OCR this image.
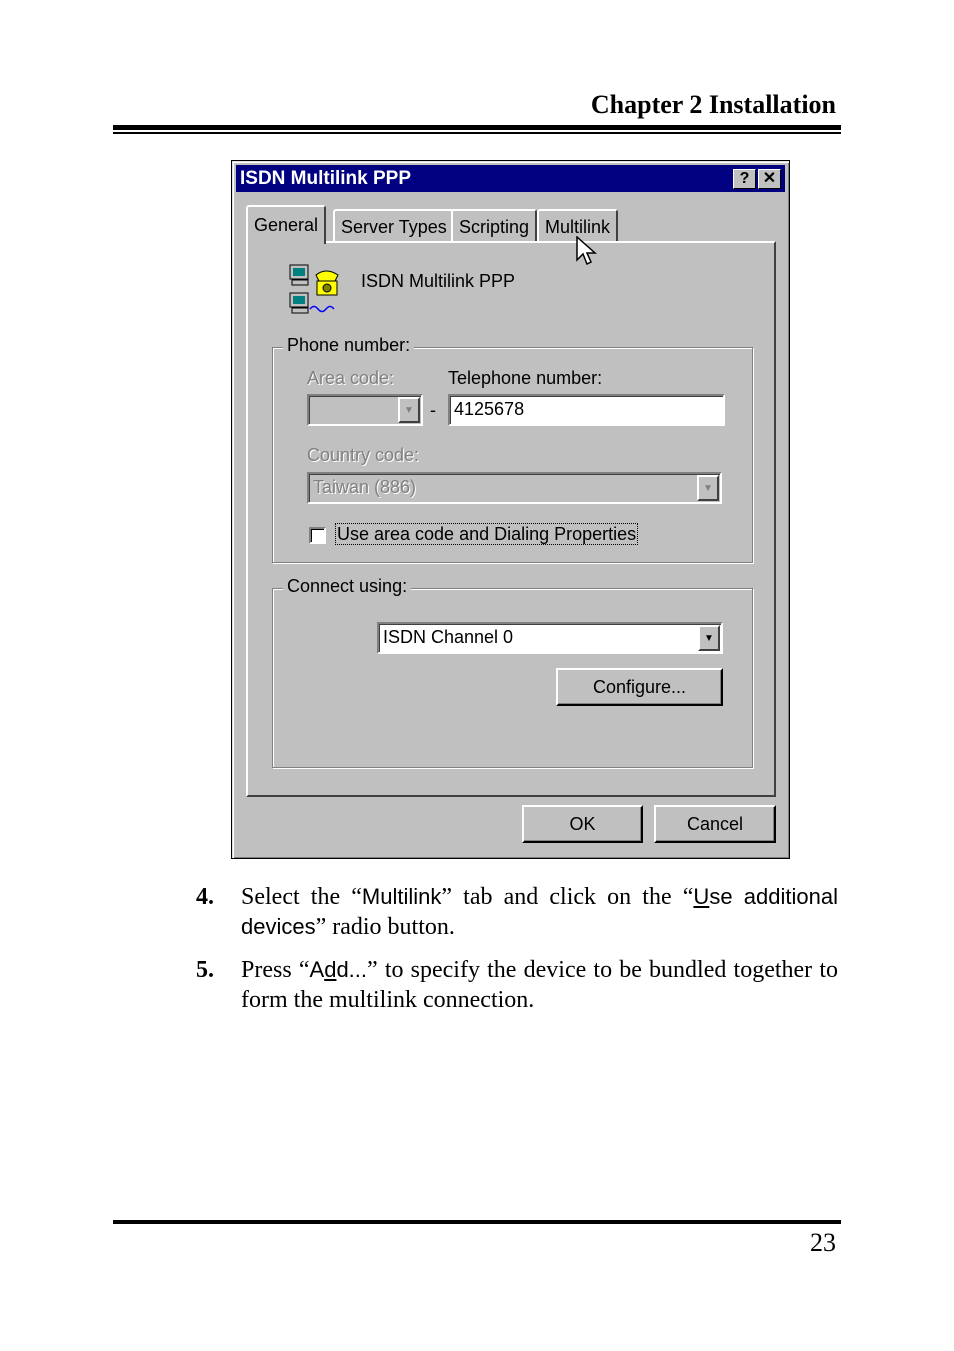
Chapter 2 Installation
ISDN Multilink PPP	? ✕
General	Server Types Scripting Multilink
ISDN Multilink PPP
Phone number:
Area code:
▼ -
Telephone number:
4125678
Country code:
Taiwan (886)	▼
Use area code and Dialing Properties
Connect using:
ISDN Channel 0	▼
Configure...
OK	Cancel
4. Select the “Multilink” tab and click on the “Use additional devices” radio button.
5. Press “Add...” to specify the device to be bundled together to form the multilink connection.
23
